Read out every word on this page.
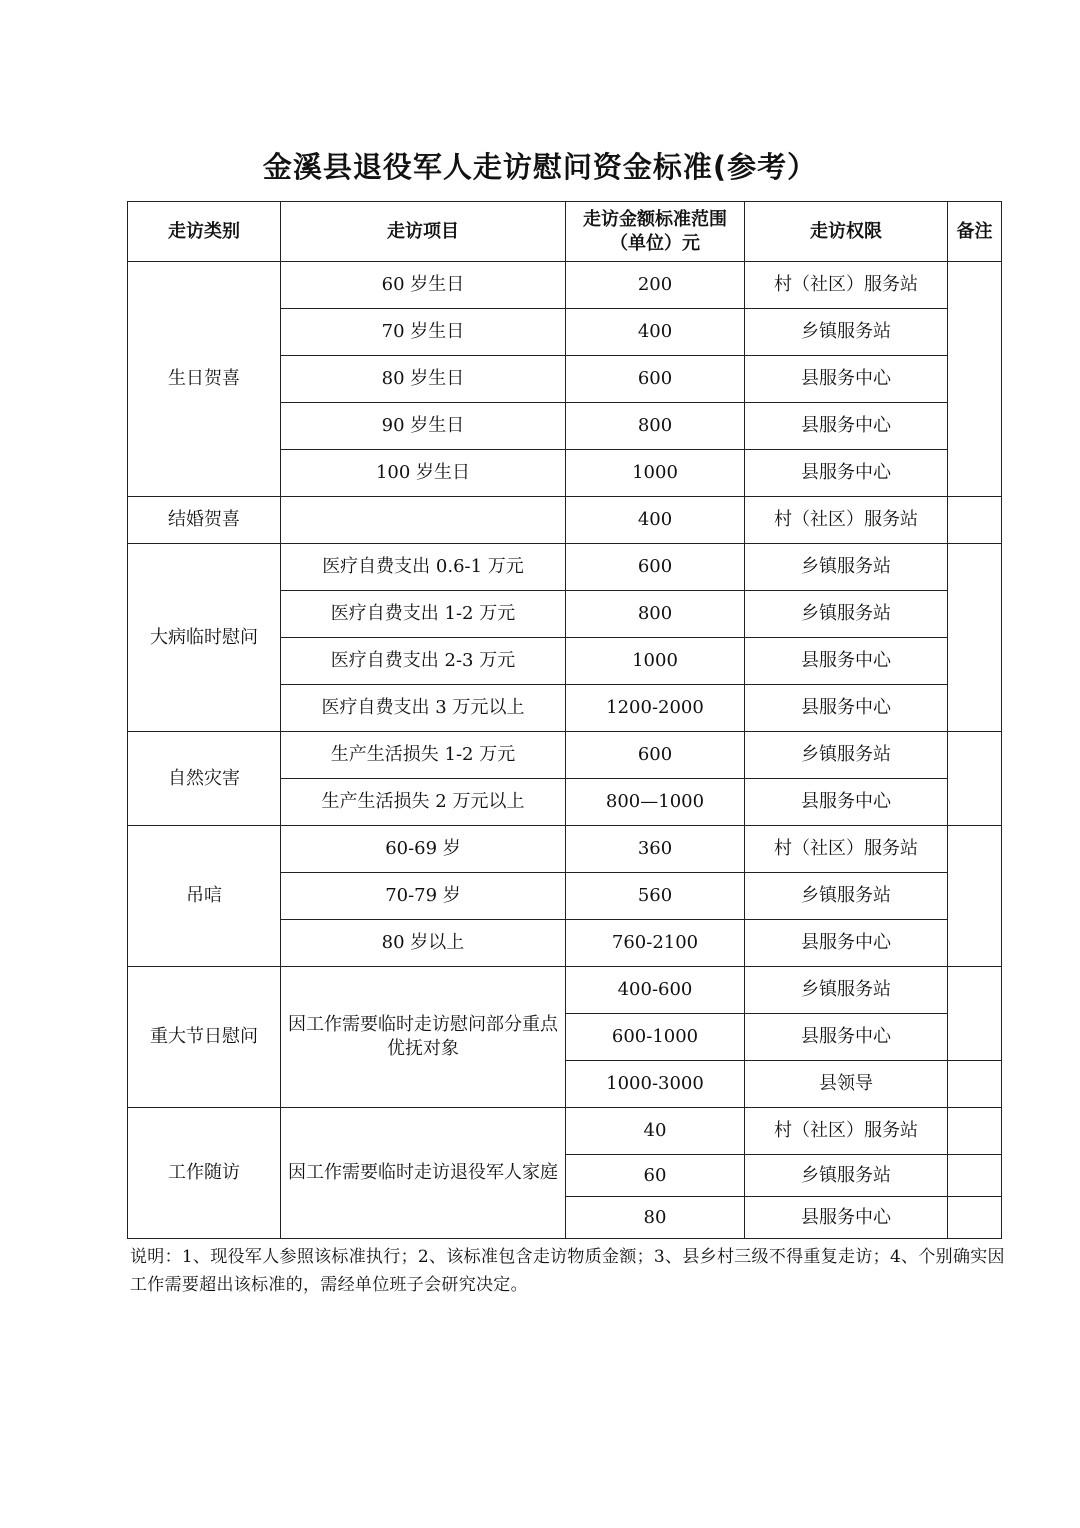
金溪县退役军人走访慰问资金标准(参考）
走访类别	走访项目	走访金额标准范围
（单位）元	走访权限	备注
生日贺喜	60 岁生日	200	村（社区）服务站	
	70 岁生日	400	乡镇服务站	
	80 岁生日	600	县服务中心	
	90 岁生日	800	县服务中心	
	100 岁生日	1000	县服务中心	
结婚贺喜		400	村（社区）服务站	
大病临时慰问	医疗自费支出 0.6-1 万元	600	乡镇服务站	
	医疗自费支出 1-2 万元	800	乡镇服务站	
	医疗自费支出 2-3 万元	1000	县服务中心	
	医疗自费支出 3 万元以上	1200-2000	县服务中心	
自然灾害	生产生活损失 1-2 万元	600	乡镇服务站	
	生产生活损失 2 万元以上	800—1000	县服务中心	
吊唁	60-69 岁	360	村（社区）服务站	
	70-79 岁	560	乡镇服务站	
	80 岁以上	760-2100	县服务中心	
重大节日慰问	因工作需要临时走访慰问部分重点优抚对象	400-600	乡镇服务站	
		600-1000	县服务中心	
		1000-3000	县领导	
工作随访	因工作需要临时走访退役军人家庭	40	村（社区）服务站	
		60	乡镇服务站	
		80	县服务中心	
说明：1、现役军人参照该标准执行；2、该标准包含走访物质金额；3、县乡村三级不得重复走访；4、个别确实因工作需要超出该标准的，需经单位班子会研究决定。
